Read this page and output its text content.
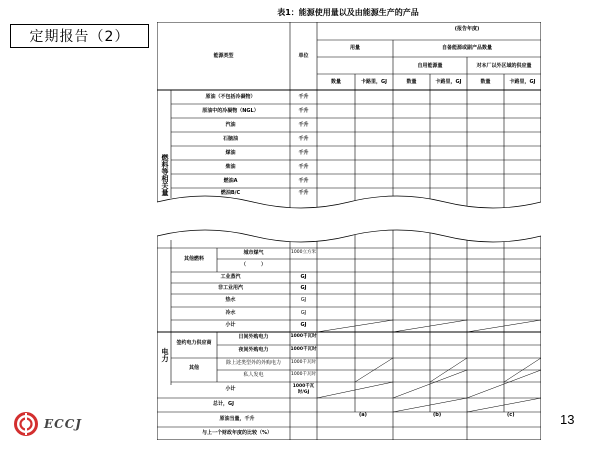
定期报告（2）
表1：能源使用量以及由能源生产的产品
(报告年度)
能源类型	单位
用量	自备能源或副产品数量
自用能源量	对本厂以外区域的供应量
数量	卡路里，GJ	数量	卡路里，GJ	数量	卡路里，GJ
燃料等相关量
原油（不包括冷凝物）	千升
原油中的冷凝物（NGL）	千升
汽油	千升
石脑油	千升
煤油	千升
柴油	千升
燃油A	千升
燃油B/C	千升
其他燃料
城市煤气	1000立方米
（　　　）
工业蒸汽	GJ
非工业用汽	GJ
热水	GJ
冷水	GJ
小计	GJ
电力
签约电力供应商
其他
日间外购电力	1000千瓦时
夜间外购电力	1000千瓦时
除上述类型外的外购电力	1000千瓦时
私人发电	1000千瓦时
小计	1000千瓦时/GJ
总计，GJ
原油当量，千升
(a)	(b)	(c)
与上一个财政年度的比较（%）
ECCJ	13
